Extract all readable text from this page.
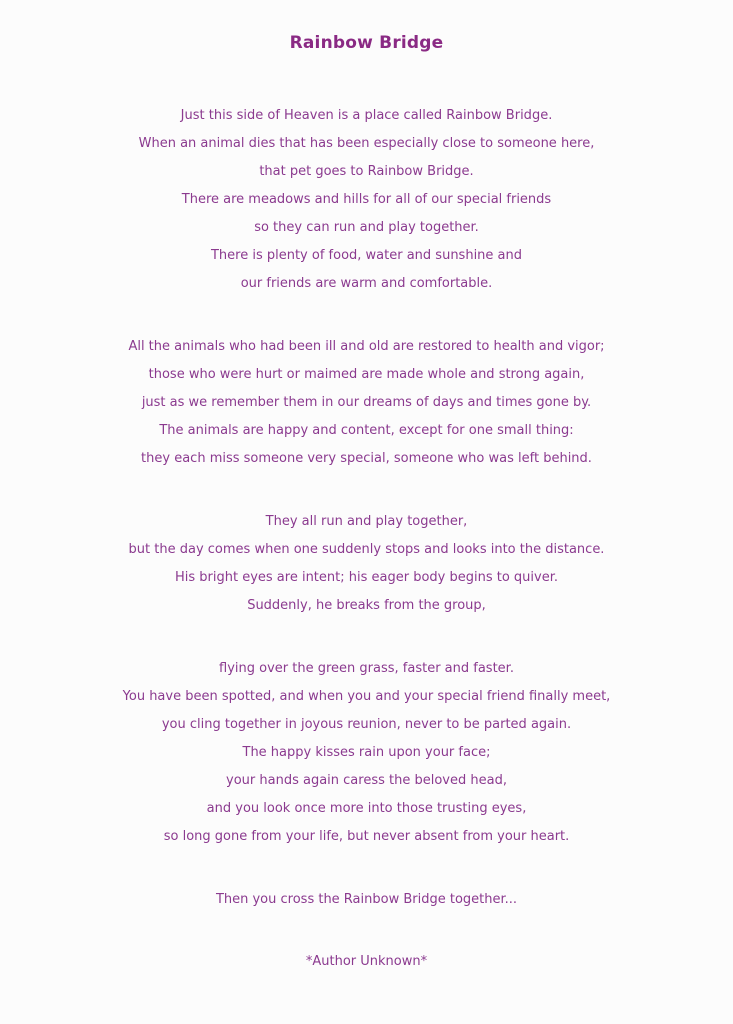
Rainbow Bridge
Just this side of Heaven is a place called Rainbow Bridge.
When an animal dies that has been especially close to someone here,
that pet goes to Rainbow Bridge.
There are meadows and hills for all of our special friends
so they can run and play together.
There is plenty of food, water and sunshine and
our friends are warm and comfortable.
All the animals who had been ill and old are restored to health and vigor;
those who were hurt or maimed are made whole and strong again,
just as we remember them in our dreams of days and times gone by.
The animals are happy and content, except for one small thing:
they each miss someone very special, someone who was left behind.
They all run and play together,
but the day comes when one suddenly stops and looks into the distance.
His bright eyes are intent; his eager body begins to quiver.
Suddenly, he breaks from the group,
flying over the green grass, faster and faster.
You have been spotted, and when you and your special friend finally meet,
you cling together in joyous reunion, never to be parted again.
The happy kisses rain upon your face;
your hands again caress the beloved head,
and you look once more into those trusting eyes,
so long gone from your life, but never absent from your heart.
Then you cross the Rainbow Bridge together...
*Author Unknown*
